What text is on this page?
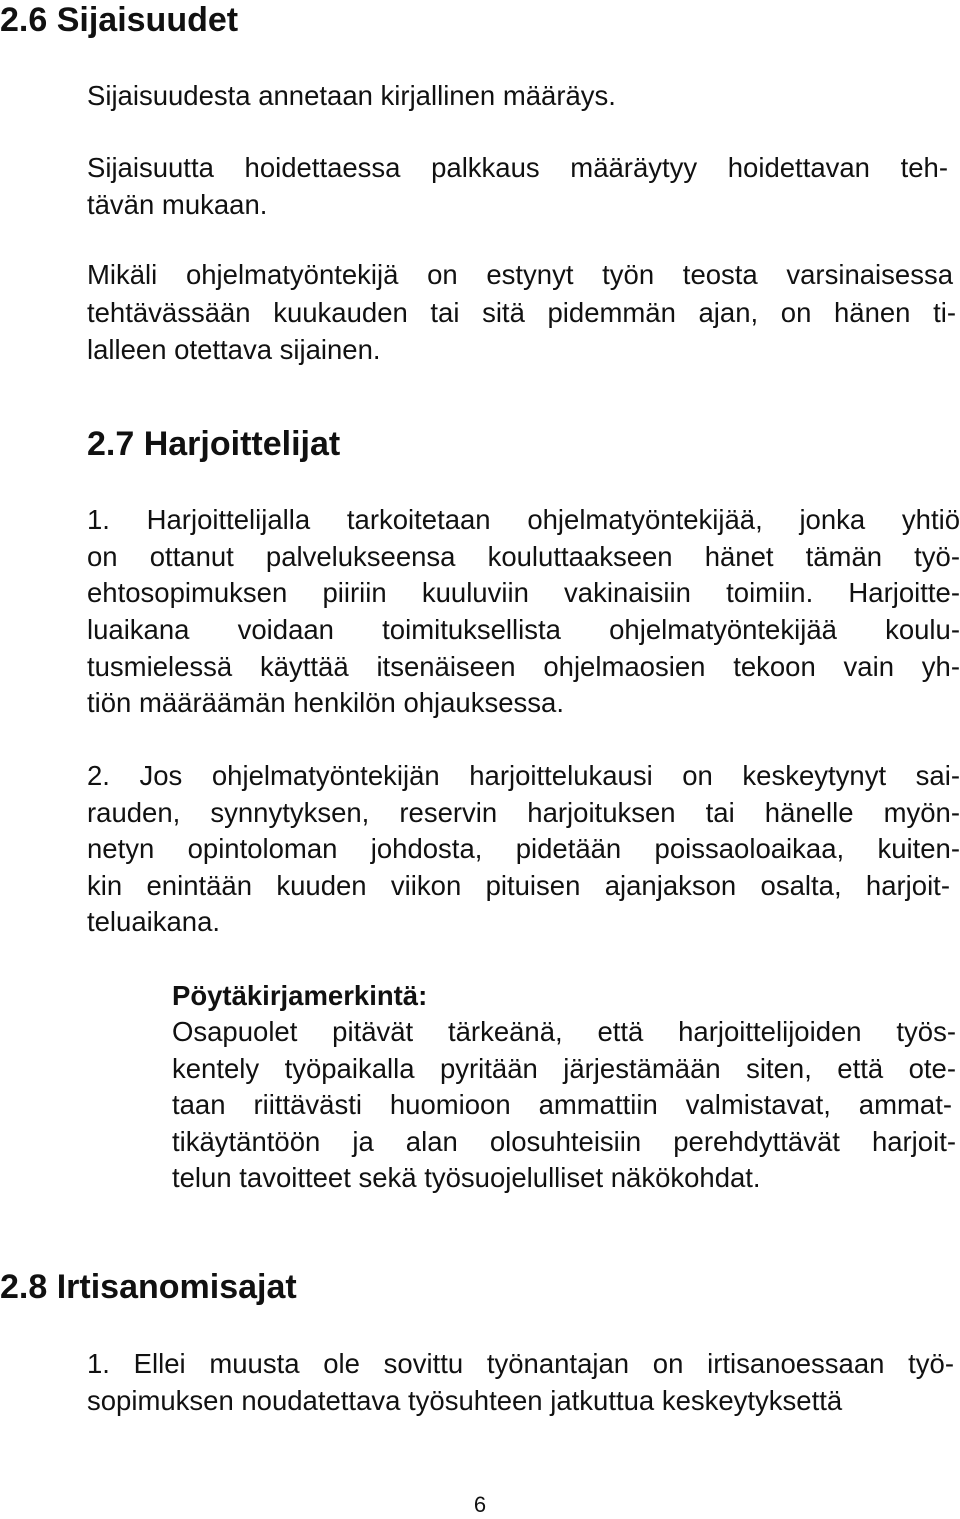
2.6 Sijaisuudet

Sijaisuudesta annetaan kirjallinen määräys.

Sijaisuutta hoidettaessa palkkaus määräytyy hoidettavan teh-

tävän mukaan.

Mikäli ohjelmatyöntekijä on estynyt työn teosta varsinaisessa

tehtävässään kuukauden tai sitä pidemmän ajan, on hänen ti-

lalleen otettava sijainen.

2.7 Harjoittelijat

1. Harjoittelijalla tarkoitetaan ohjelmatyöntekijää, jonka yhtiö

on ottanut palvelukseensa kouluttaakseen hänet tämän työ-

ehtosopimuksen piiriin kuuluviin vakinaisiin toimiin. Harjoitte-

luaikana voidaan toimituksellista ohjelmatyöntekijää koulu-

tusmielessä käyttää itsenäiseen ohjelmaosien tekoon vain yh-

tiön määräämän henkilön ohjauksessa.

2. Jos ohjelmatyöntekijän harjoittelukausi on keskeytynyt sai-

rauden, synnytyksen, reservin harjoituksen tai hänelle myön-

netyn opintoloman johdosta, pidetään poissaoloaikaa, kuiten-

kin enintään kuuden viikon pituisen ajanjakson osalta, harjoit-

teluaikana.

Pöytäkirjamerkintä:

Osapuolet pitävät tärkeänä, että harjoittelijoiden työs-

kentely työpaikalla pyritään järjestämään siten, että ote-

taan riittävästi huomioon ammattiin valmistavat, ammat-

tikäytäntöön ja alan olosuhteisiin perehdyttävät harjoit-

telun tavoitteet sekä työsuojelulliset näkökohdat.

2.8 Irtisanomisajat

1. Ellei muusta ole sovittu työnantajan on irtisanoessaan työ-

sopimuksen noudatettava työsuhteen jatkuttua keskeytyksettä

6
